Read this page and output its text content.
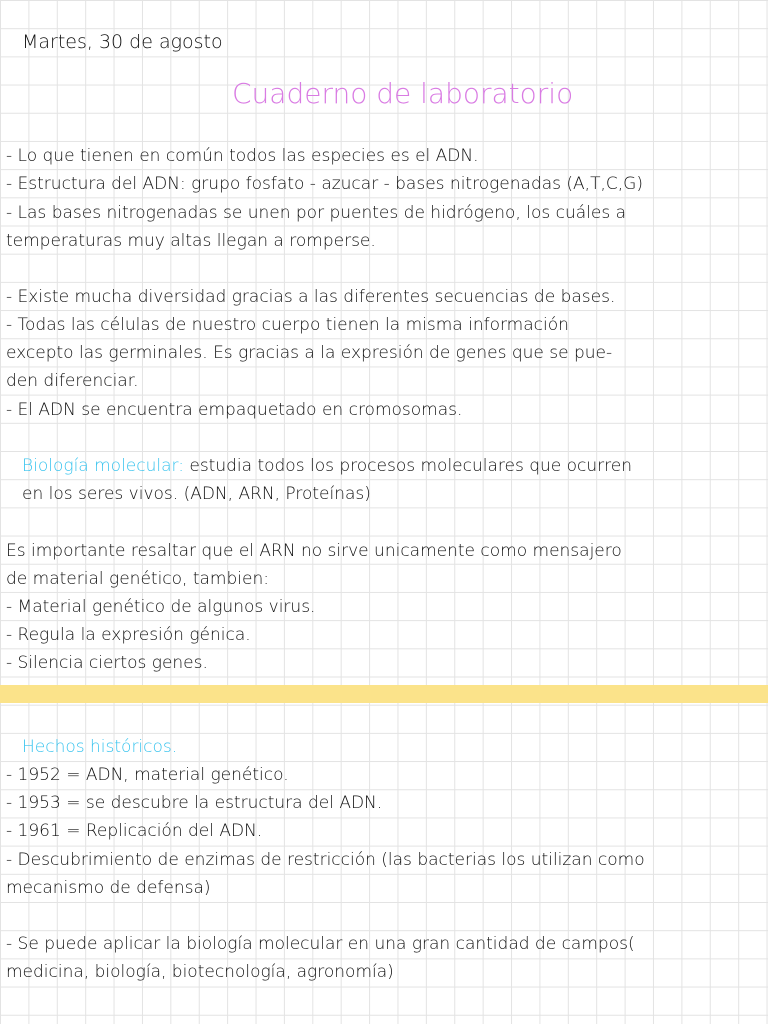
Martes, 30 de agosto
Cuaderno de laboratorio
- Lo que tienen en común todos las especies es el ADN.
- Estructura del ADN: grupo fosfato - azucar - bases nitrogenadas (A,T,C,G)
- Las bases nitrogenadas se unen por puentes de hidrógeno, los cuáles a
temperaturas muy altas llegan a romperse.
- Existe mucha diversidad gracias a las diferentes secuencias de bases.
- Todas las células de nuestro cuerpo tienen la misma información
excepto las germinales. Es gracias a la expresión de genes que se pue-
den diferenciar.
- El ADN se encuentra empaquetado en cromosomas.
Biología molecular: estudia todos los procesos moleculares que ocurren
en los seres vivos. (ADN, ARN, Proteínas)
Es importante resaltar que el ARN no sirve unicamente como mensajero
de material genético, tambien:
- Material genético de algunos virus.
- Regula la expresión génica.
- Silencia ciertos genes.
Hechos históricos.
- 1952 = ADN, material genético.
- 1953 = se descubre la estructura del ADN.
- 1961 = Replicación del ADN.
- Descubrimiento de enzimas de restricción (las bacterias los utilizan como
mecanismo de defensa)
- Se puede aplicar la biología molecular en una gran cantidad de campos(
medicina, biología, biotecnología, agronomía)
